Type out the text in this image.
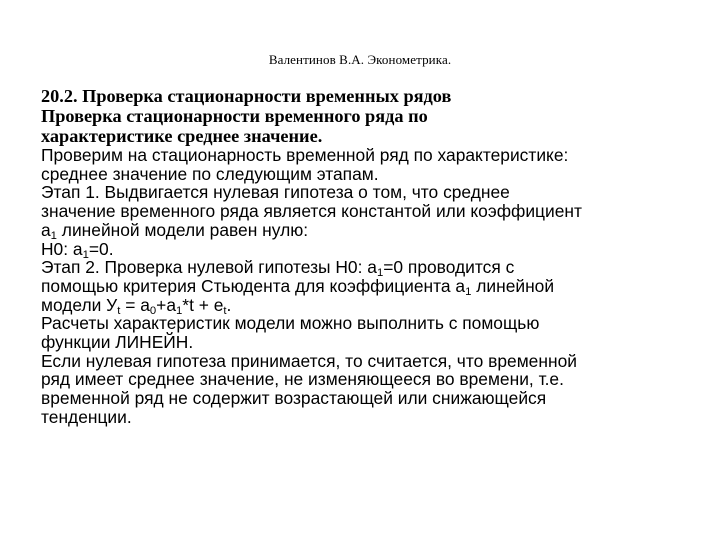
Валентинов В.А. Эконометрика.
20.2. Проверка стационарности временных рядов
Проверка стационарности временного ряда по
характеристике среднее значение.
Проверим на стационарность временной ряд по характеристике:
среднее значение по следующим этапам.
Этап 1. Выдвигается нулевая гипотеза о том, что среднее
значение временного ряда является константой или коэффициент
$a_1$ линейной модели равен нулю:
H0: $a_1=0$.
Этап 2. Проверка нулевой гипотезы H0: $a_1=0$ проводится с
помощью критерия Стьюдента для коэффициента $a_1$ линейной
модели $У_t = a_0+a_1*t + e_t$.
Расчеты характеристик модели можно выполнить с помощью
функции ЛИНЕЙН.
Если нулевая гипотеза принимается, то считается, что временной
ряд имеет среднее значение, не изменяющееся во времени, т.е.
временной ряд не содержит возрастающей или снижающейся
тенденции.
